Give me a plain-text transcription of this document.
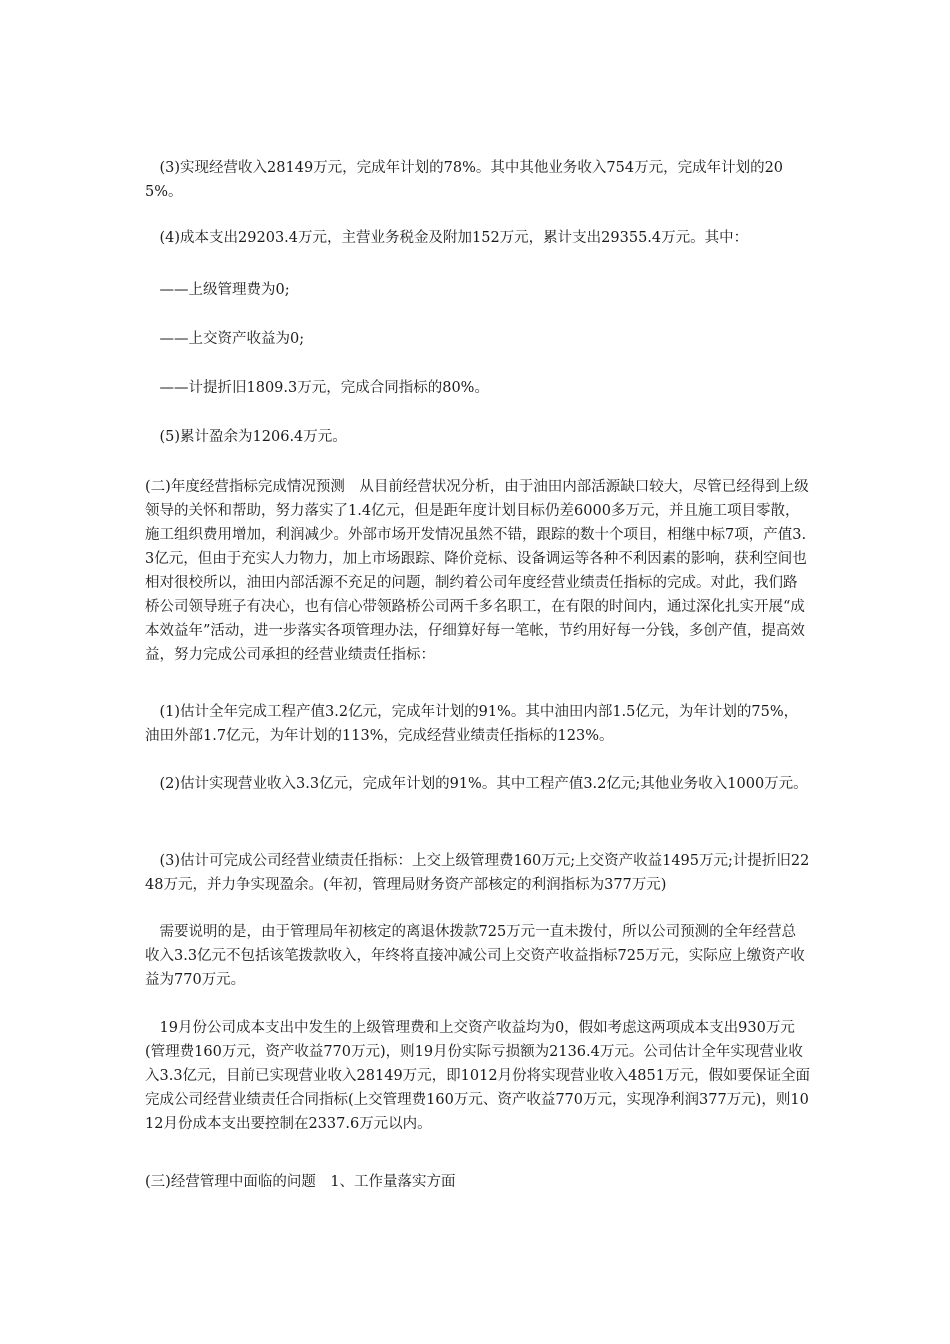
(3)实现经营收入28149万元，完成年计划的78%。其中其他业务收入754万元，完成年计划的205%。

(4)成本支出29203.4万元，主营业务税金及附加152万元，累计支出29355.4万元。其中：

——上级管理费为0;

——上交资产收益为0;

——计提折旧1809.3万元，完成合同指标的80%。

(5)累计盈余为1206.4万元。

(二)年度经营指标完成情况预测　从目前经营状况分析，由于油田内部活源缺口较大，尽管已经得到上级领导的关怀和帮助，努力落实了1.4亿元，但是距年度计划目标仍差6000多万元，并且施工项目零散，施工组织费用增加，利润减少。外部市场开发情况虽然不错，跟踪的数十个项目，相继中标7项，产值3.3亿元，但由于充实人力物力，加上市场跟踪、降价竞标、设备调运等各种不利因素的影响，获利空间也相对很校所以，油田内部活源不充足的问题，制约着公司年度经营业绩责任指标的完成。对此，我们路桥公司领导班子有决心，也有信心带领路桥公司两千多名职工，在有限的时间内，通过深化扎实开展“成本效益年”活动，进一步落实各项管理办法，仔细算好每一笔帐，节约用好每一分钱，多创产值，提高效益，努力完成公司承担的经营业绩责任指标：

(1)估计全年完成工程产值3.2亿元，完成年计划的91%。其中油田内部1.5亿元，为年计划的75%，油田外部1.7亿元，为年计划的113%，完成经营业绩责任指标的123%。

(2)估计实现营业收入3.3亿元，完成年计划的91%。其中工程产值3.2亿元;其他业务收入1000万元。

(3)估计可完成公司经营业绩责任指标：上交上级管理费160万元;上交资产收益1495万元;计提折旧2248万元，并力争实现盈余。(年初，管理局财务资产部核定的利润指标为377万元)

需要说明的是，由于管理局年初核定的离退休拨款725万元一直未拨付，所以公司预测的全年经营总收入3.3亿元不包括该笔拨款收入，年终将直接冲减公司上交资产收益指标725万元，实际应上缴资产收益为770万元。

19月份公司成本支出中发生的上级管理费和上交资产收益均为0，假如考虑这两项成本支出930万元(管理费160万元，资产收益770万元)，则19月份实际亏损额为2136.4万元。公司估计全年实现营业收入3.3亿元，目前已实现营业收入28149万元，即1012月份将实现营业收入4851万元，假如要保证全面完成公司经营业绩责任合同指标(上交管理费160万元、资产收益770万元，实现净利润377万元)，则1012月份成本支出要控制在2337.6万元以内。

(三)经营管理中面临的问题　1、工作量落实方面
